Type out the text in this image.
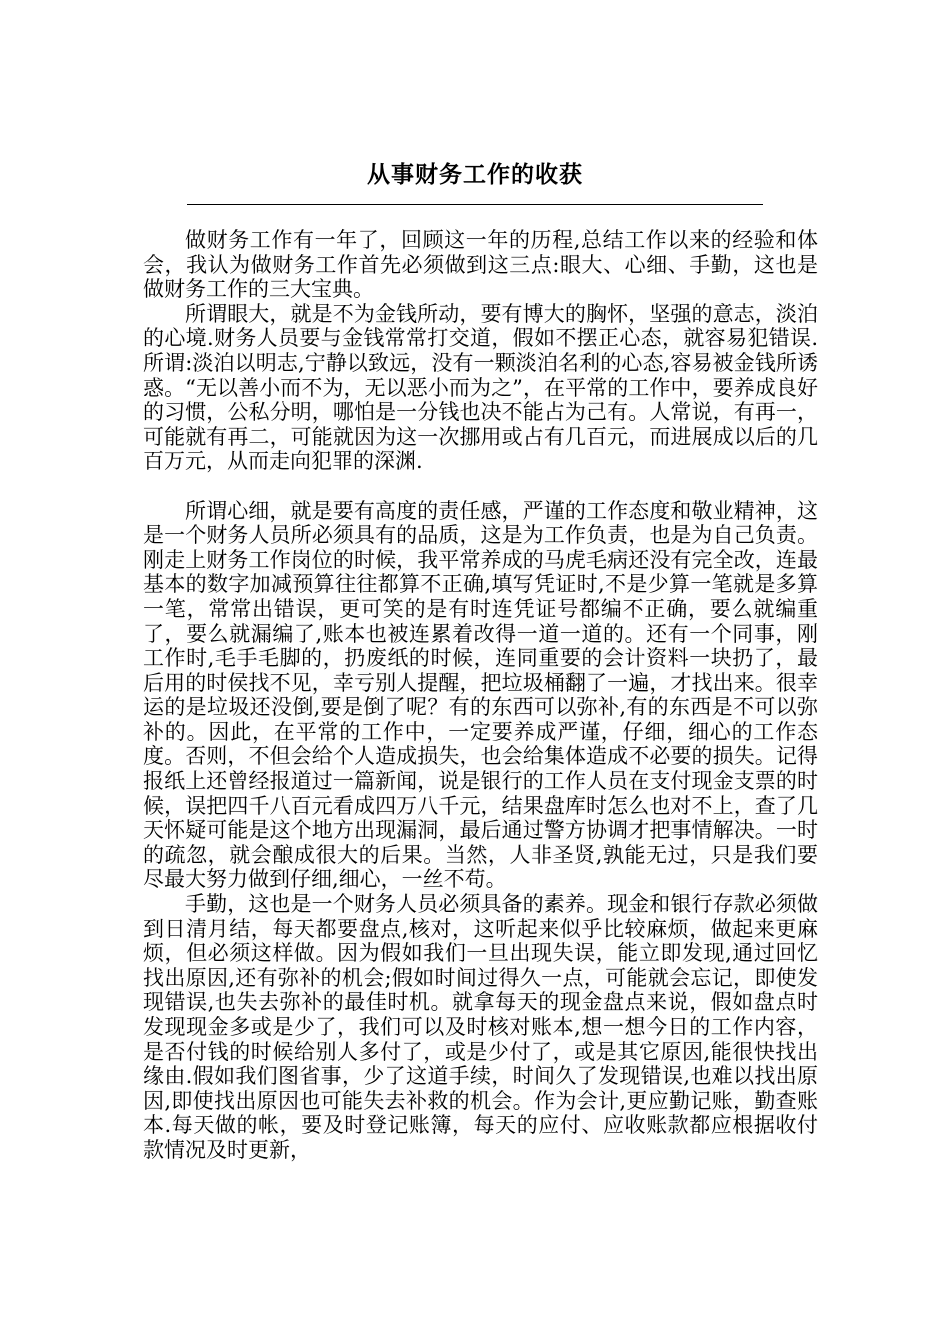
从事财务工作的收获

做财务工作有一年了，回顾这一年的历程,总结工作以来的经验和体会，我认为做财务工作首先必须做到这三点:眼大、心细、手勤，这也是做财务工作的三大宝典。

所谓眼大，就是不为金钱所动，要有博大的胸怀，坚强的意志，淡泊的心境.财务人员要与金钱常常打交道，假如不摆正心态，就容易犯错误.所谓:淡泊以明志,宁静以致远，没有一颗淡泊名利的心态,容易被金钱所诱惑。“无以善小而不为，无以恶小而为之”，在平常的工作中，要养成良好的习惯，公私分明，哪怕是一分钱也决不能占为己有。人常说，有再一，可能就有再二，可能就因为这一次挪用或占有几百元，而进展成以后的几百万元，从而走向犯罪的深渊.

所谓心细，就是要有高度的责任感，严谨的工作态度和敬业精神，这是一个财务人员所必须具有的品质，这是为工作负责，也是为自己负责。刚走上财务工作岗位的时候，我平常养成的马虎毛病还没有完全改，连最基本的数字加减预算往往都算不正确,填写凭证时,不是少算一笔就是多算一笔，常常出错误，更可笑的是有时连凭证号都编不正确，要么就编重了，要么就漏编了,账本也被连累着改得一道一道的。还有一个同事，刚工作时,毛手毛脚的，扔废纸的时候，连同重要的会计资料一块扔了，最后用的时侯找不见，幸亏别人提醒，把垃圾桶翻了一遍，才找出来。很幸运的是垃圾还没倒,要是倒了呢？有的东西可以弥补,有的东西是不可以弥补的。因此，在平常的工作中，一定要养成严谨，仔细，细心的工作态度。否则，不但会给个人造成损失，也会给集体造成不必要的损失。记得报纸上还曾经报道过一篇新闻，说是银行的工作人员在支付现金支票的时候，误把四千八百元看成四万八千元，结果盘库时怎么也对不上，查了几天怀疑可能是这个地方出现漏洞，最后通过警方协调才把事情解决。一时的疏忽，就会酿成很大的后果。当然，人非圣贤,孰能无过，只是我们要尽最大努力做到仔细,细心，一丝不苟。

手勤，这也是一个财务人员必须具备的素养。现金和银行存款必须做到日清月结，每天都要盘点,核对，这听起来似乎比较麻烦，做起来更麻烦，但必须这样做。因为假如我们一旦出现失误，能立即发现,通过回忆找出原因,还有弥补的机会;假如时间过得久一点，可能就会忘记，即使发现错误,也失去弥补的最佳时机。就拿每天的现金盘点来说，假如盘点时发现现金多或是少了，我们可以及时核对账本,想一想今日的工作内容，是否付钱的时候给别人多付了，或是少付了，或是其它原因,能很快找出缘由.假如我们图省事，少了这道手续，时间久了发现错误,也难以找出原因,即使找出原因也可能失去补救的机会。作为会计,更应勤记账，勤查账本.每天做的帐，要及时登记账簿，每天的应付、应收账款都应根据收付款情况及时更新，
